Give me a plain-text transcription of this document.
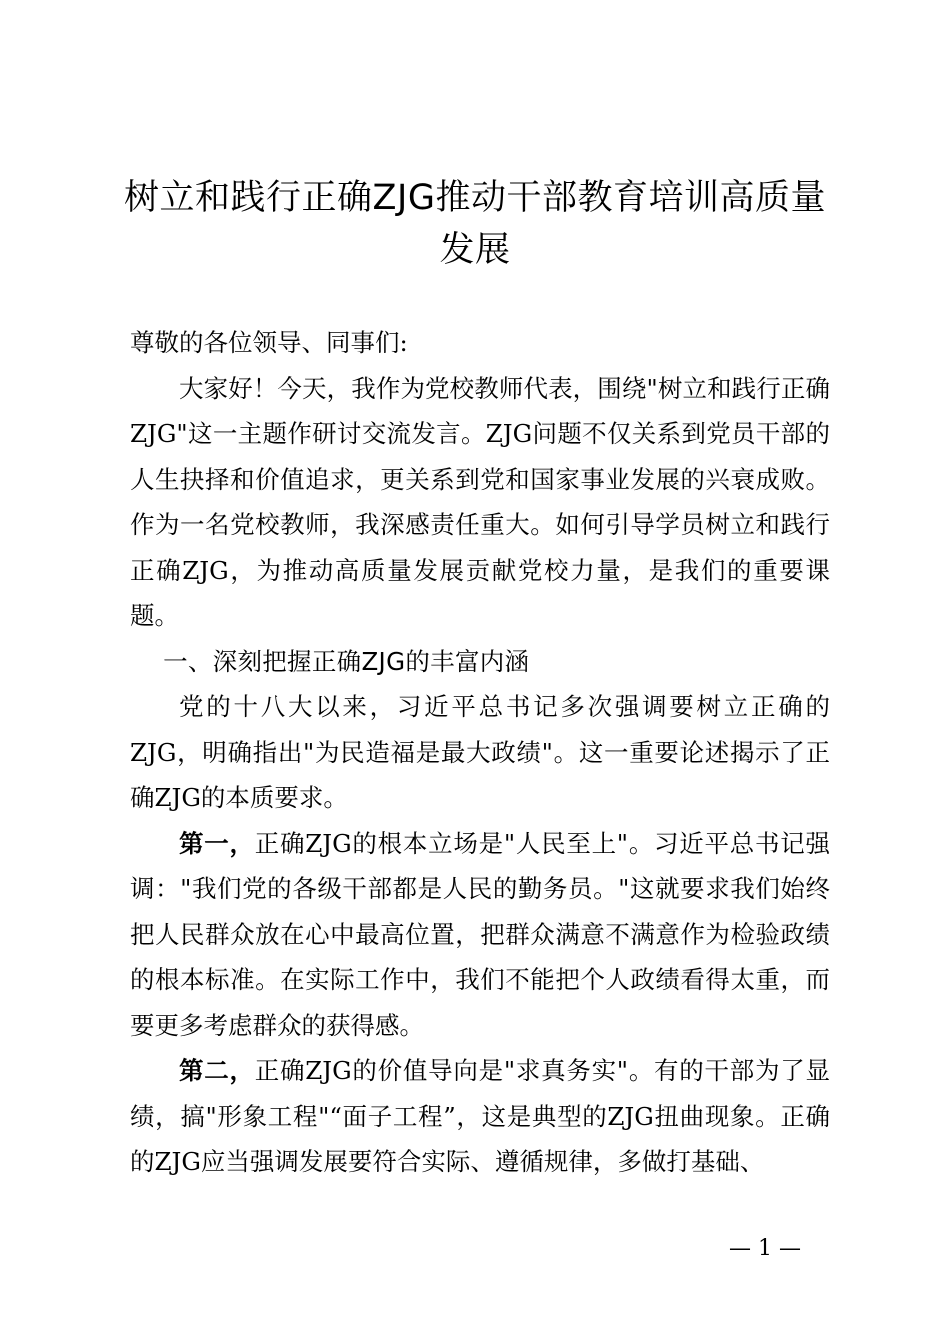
树立和践行正确ZJG推动干部教育培训高质量发展

尊敬的各位领导、同事们:

大家好！今天，我作为党校教师代表，围绕"树立和践行正确ZJG"这一主题作研讨交流发言。ZJG问题不仅关系到党员干部的人生抉择和价值追求，更关系到党和国家事业发展的兴衰成败。作为一名党校教师，我深感责任重大。如何引导学员树立和践行正确ZJG，为推动高质量发展贡献党校力量，是我们的重要课题。

一、深刻把握正确ZJG的丰富内涵

党的十八大以来，习近平总书记多次强调要树立正确的ZJG，明确指出"为民造福是最大政绩"。这一重要论述揭示了正确ZJG的本质要求。

第一，正确ZJG的根本立场是"人民至上"。习近平总书记强调："我们党的各级干部都是人民的勤务员。"这就要求我们始终把人民群众放在心中最高位置，把群众满意不满意作为检验政绩的根本标准。在实际工作中，我们不能把个人政绩看得太重，而要更多考虑群众的获得感。

第二，正确ZJG的价值导向是"求真务实"。有的干部为了显绩，搞"形象工程"“面子工程”，这是典型的ZJG扭曲现象。正确的ZJG应当强调发展要符合实际、遵循规律，多做打基础、

— 1 —
